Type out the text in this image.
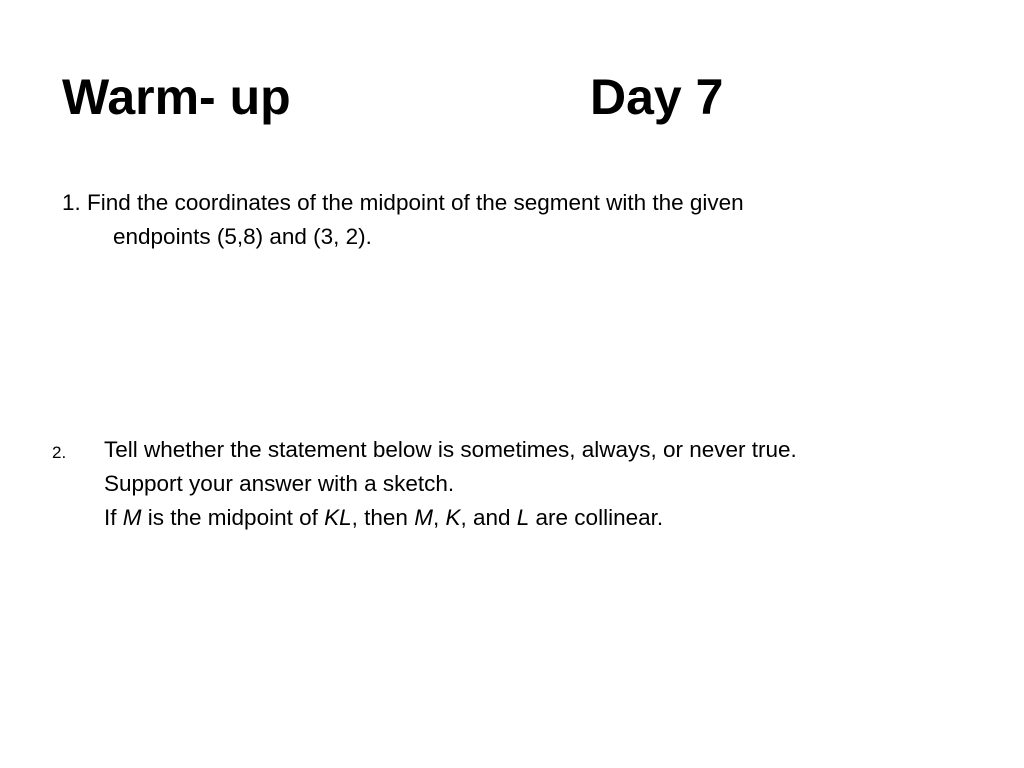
Warm- up	Day 7
1. Find the coordinates of the midpoint of the segment with the given
endpoints (5,8) and (3, 2).
2. Tell whether the statement below is sometimes, always, or never true.
Support your answer with a sketch.
If M is the midpoint of KL, then M, K, and L are collinear.
